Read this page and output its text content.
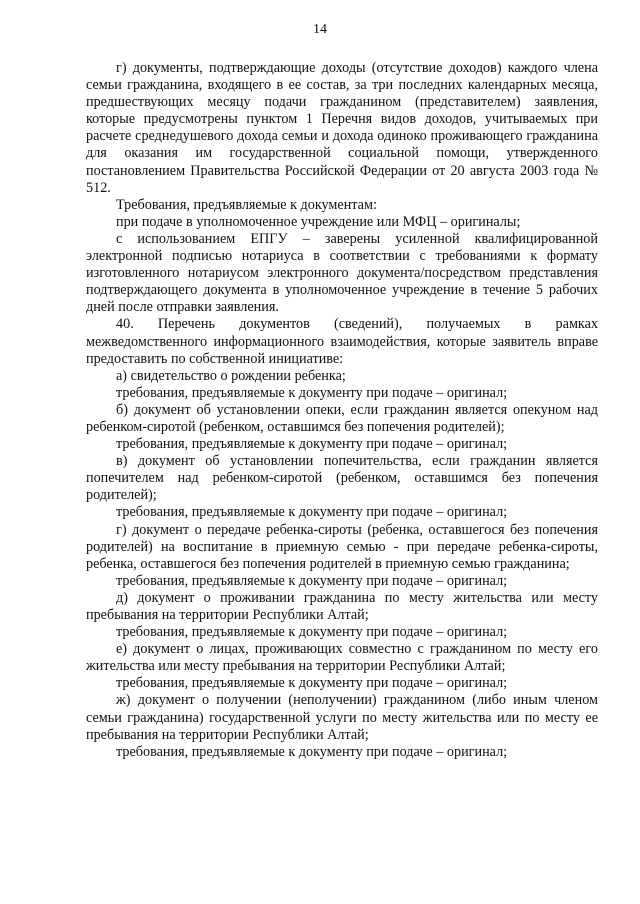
14

г) документы, подтверждающие доходы (отсутствие доходов) каждого члена семьи гражданина, входящего в ее состав, за три последних календарных месяца, предшествующих месяцу подачи гражданином (представителем) заявления, которые предусмотрены пунктом 1 Перечня видов доходов, учитываемых при расчете среднедушевого дохода семьи и дохода одиноко проживающего гражданина для оказания им государственной социальной помощи, утвержденного постановлением Правительства Российской Федерации от 20 августа 2003 года № 512.

Требования, предъявляемые к документам:

при подаче в уполномоченное учреждение или МФЦ – оригиналы;

с использованием ЕПГУ – заверены усиленной квалифицированной электронной подписью нотариуса в соответствии с требованиями к формату изготовленного нотариусом электронного документа/посредством представления подтверждающего документа в уполномоченное учреждение в течение 5 рабочих дней после отправки заявления.

40. Перечень документов (сведений), получаемых в рамках межведомственного информационного взаимодействия, которые заявитель вправе предоставить по собственной инициативе:

а) свидетельство о рождении ребенка;

требования, предъявляемые к документу при подаче – оригинал;

б) документ об установлении опеки, если гражданин является опекуном над ребенком-сиротой (ребенком, оставшимся без попечения родителей);

требования, предъявляемые к документу при подаче – оригинал;

в) документ об установлении попечительства, если гражданин является попечителем над ребенком-сиротой (ребенком, оставшимся без попечения родителей);

требования, предъявляемые к документу при подаче – оригинал;

г) документ о передаче ребенка-сироты (ребенка, оставшегося без попечения родителей) на воспитание в приемную семью - при передаче ребенка-сироты, ребенка, оставшегося без попечения родителей в приемную семью гражданина;

требования, предъявляемые к документу при подаче – оригинал;

д) документ о проживании гражданина по месту жительства или месту пребывания на территории Республики Алтай;

требования, предъявляемые к документу при подаче – оригинал;

е) документ о лицах, проживающих совместно с гражданином по месту его жительства или месту пребывания на территории Республики Алтай;

требования, предъявляемые к документу при подаче – оригинал;

ж) документ о получении (неполучении) гражданином (либо иным членом семьи гражданина) государственной услуги по месту жительства или по месту ее пребывания на территории Республики Алтай;

требования, предъявляемые к документу при подаче – оригинал;
